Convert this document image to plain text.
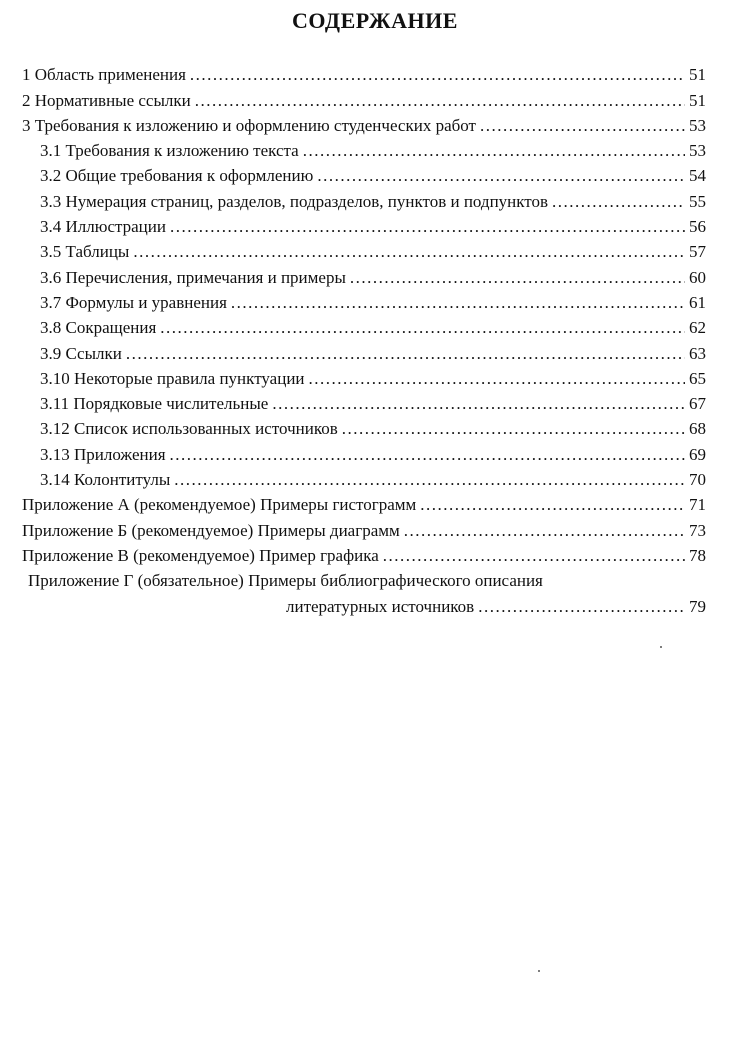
СОДЕРЖАНИЕ
1 Область применения .....	51
2 Нормативные ссылки .....	51
3 Требования к изложению и оформлению студенческих работ .....	53
3.1 Требования к изложению текста .....	53
3.2 Общие требования к оформлению .....	54
3.3 Нумерация страниц, разделов, подразделов, пунктов и подпунктов .....	55
3.4 Иллюстрации .....	56
3.5 Таблицы .....	57
3.6 Перечисления, примечания и примеры .....	60
3.7 Формулы и уравнения .....	61
3.8 Сокращения .....	62
3.9 Ссылки .....	63
3.10 Некоторые правила пунктуации .....	65
3.11 Порядковые числительные .....	67
3.12 Список использованных источников .....	68
3.13 Приложения .....	69
3.14 Колонтитулы .....	70
Приложение А (рекомендуемое) Примеры гистограмм .....	71
Приложение Б (рекомендуемое) Примеры диаграмм .....	73
Приложение В (рекомендуемое) Пример графика .....	78
Приложение Г (обязательное) Примеры библиографического описания
литературных источников .....	79
